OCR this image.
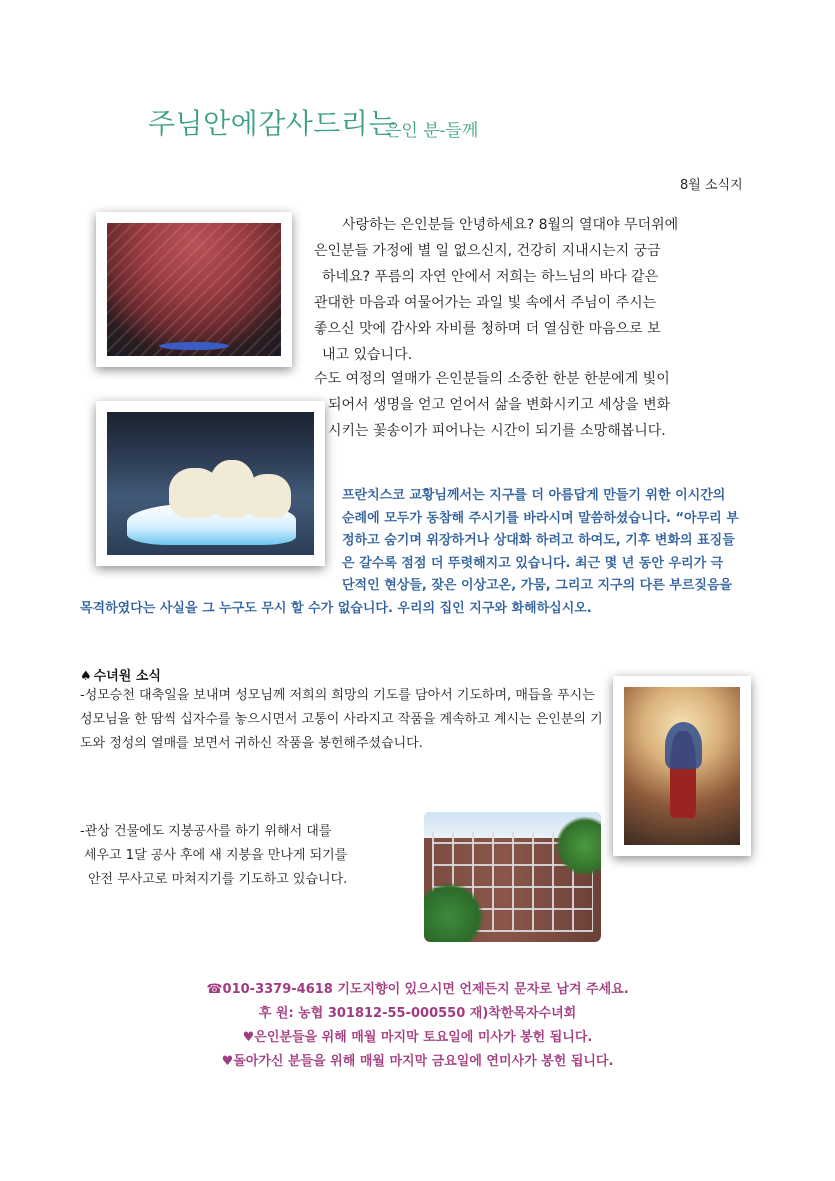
주님안에감사드리는
은인 분-들께
8월 소식지
사랑하는 은인분들 안녕하세요? 8월의 열대야 무더위에
은인분들 가정에 별 일 없으신지, 건강히 지내시는지 궁금
하네요? 푸름의 자연 안에서 저희는 하느님의 바다 같은
관대한 마음과 여물어가는 과일 빛 속에서 주님이 주시는
좋으신 맛에 감사와 자비를 청하며 더 열심한 마음으로 보
내고 있습니다.
수도 여정의 열매가 은인분들의 소중한 한분 한분에게 빛이
되어서 생명을 얻고 얻어서 삶을 변화시키고 세상을 변화
시키는 꽃송이가 피어나는 시간이 되기를 소망해봅니다.
프란치스코 교황님께서는 지구를 더 아름답게 만들기 위한 이시간의
순례에 모두가 동참해 주시기를 바라시며 말씀하셨습니다. “아무리 부
정하고 숨기며 위장하거나 상대화 하려고 하여도, 기후 변화의 표징들
은 갈수록 점점 더 뚜렷해지고 있습니다. 최근 몇 년 동안 우리가 극
단적인 현상들, 잦은 이상고온, 가뭄, 그리고 지구의 다른 부르짖음을
목격하였다는 사실을 그 누구도 무시 할 수가 없습니다. 우리의 집인 지구와 화해하십시오.
♠ 수녀원 소식
-성모승천 대축일을 보내며 성모님께 저희의 희망의 기도를 담아서 기도하며, 매듭을 푸시는 성모님을 한 땀씩 십자수를 놓으시면서 고통이 사라지고 작품을 계속하고 계시는 은인분의 기도와 정성의 열매를 보면서 귀하신 작품을 봉헌해주셨습니다.
-관상 건물에도 지붕공사를 하기 위해서 대를
세우고 1달 공사 후에 새 지붕을 만나게 되기를
안전 무사고로 마쳐지기를 기도하고 있습니다.
☎010-3379-4618 기도지향이 있으시면 언제든지 문자로 남겨 주세요.
후 원: 농협 301812-55-000550 재)착한목자수녀회
♥은인분들을 위해 매월 마지막 토요일에 미사가 봉헌 됩니다.
♥돌아가신 분들을 위해 매월 마지막 금요일에 연미사가 봉헌 됩니다.
